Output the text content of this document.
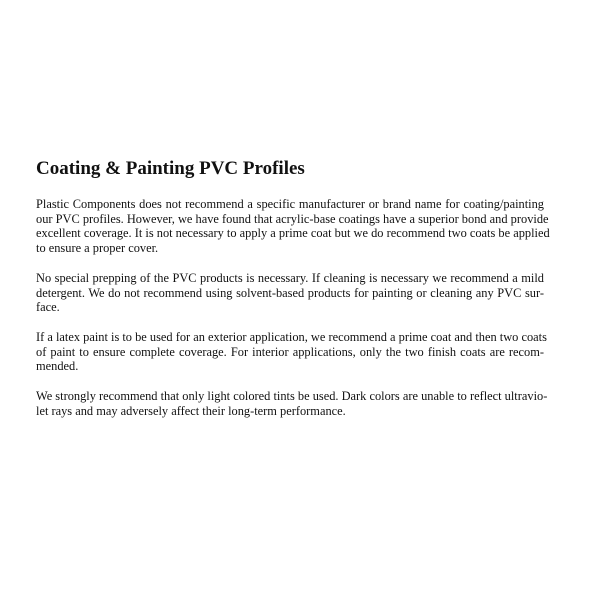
Coating & Painting PVC Profiles

Plastic Components does not recommend a specific manufacturer or brand name for coating/painting
our PVC profiles. However, we have found that acrylic-base coatings have a superior bond and provide
excellent coverage. It is not necessary to apply a prime coat but we do recommend two coats be applied
to ensure a proper cover.

No special prepping of the PVC products is necessary. If cleaning is necessary we recommend a mild
detergent. We do not recommend using solvent-based products for painting or cleaning any PVC sur-
face.

If a latex paint is to be used for an exterior application, we recommend a prime coat and then two coats
of paint to ensure complete coverage. For interior applications, only the two finish coats are recom-
mended.

We strongly recommend that only light colored tints be used. Dark colors are unable to reflect ultravio-
let rays and may adversely affect their long-term performance.
